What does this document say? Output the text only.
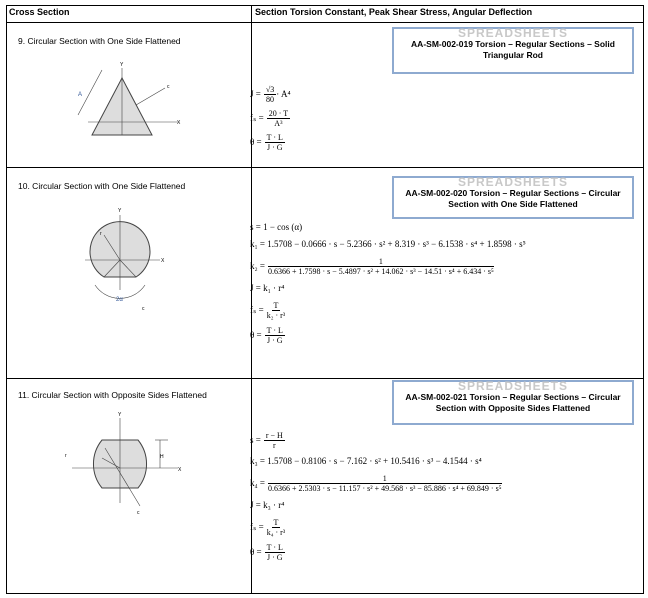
Cross Section	Section Torsion Constant, Peak Shear Stress, Angular Deflection
9. Circular Section with One Side Flattened
A
Y
X
c
SPREADSHEETS
AA-SM-002-019 Torsion – Regular Sections – Solid Triangular Rod
$J = \frac{√3}{80} \cdot A^4$
$f_s = \frac{20 \cdot T}{\text{A³}}$
$\theta = \frac{T \cdot L}{J \cdot G}$
10. Circular Section with One Side Flattened
Y
X
r
2α
c
SPREADSHEETS
AA-SM-002-020 Torsion – Regular Sections – Circular Section with One Side Flattened
s = 1 − cos (α)
k₁ = 1.5708 − 0.0666 · s − 5.2366 · s² + 8.319 · s³ − 6.1538 · s⁴ + 1.8598 · s⁵
k₂ =	1
0.6366 + 1.7598 · s − 5.4897 · s² + 14.062 · s³ − 14.51 · s⁴ + 6.434 · s⁵
J = k₁ · r⁴
$f_s = \frac{T}{\text{k₂ · r³}}$
$\theta = \frac{T \cdot L}{J \cdot G}$
11. Circular Section with Opposite Sides Flattened
Y
X
r	H
c
SPREADSHEETS
AA-SM-002-021 Torsion – Regular Sections – Circular Section with Opposite Sides Flattened
$s = \frac{r - H}{r}$
k₃ = 1.5708 − 0.8106 · s − 7.162 · s² + 10.5416 · s³ − 4.1544 · s⁴
k₄ =	1
0.6366 + 2.5303 · s − 11.157 · s² + 49.568 · s³ − 85.886 · s⁴ + 69.849 · s⁵
J = k₃ · r⁴
$f_s = \frac{T}{\text{k₄ · r³}}$
$\theta = \frac{T \cdot L}{J \cdot G}$
